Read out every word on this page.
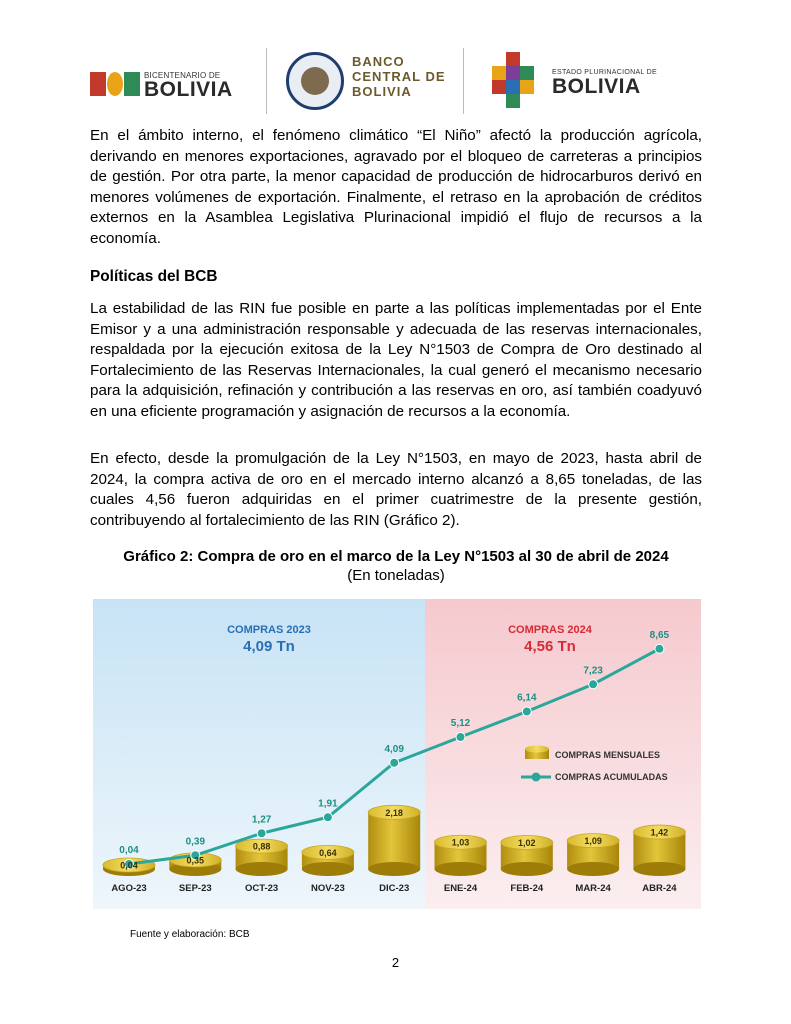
BICENTENARIO DE
BOLIVIA
BANCO
CENTRAL DE
BOLIVIA
ESTADO PLURINACIONAL DE
BOLIVIA

En el ámbito interno, el fenómeno climático “El Niño” afectó la producción agrícola, derivando en menores exportaciones, agravado por el bloqueo de carreteras a principios de gestión. Por otra parte, la menor capacidad de producción de hidrocarburos derivó en menores volúmenes de exportación. Finalmente, el retraso en la aprobación de créditos externos en la Asamblea Legislativa Plurinacional impidió el flujo de recursos a la economía.

Políticas del BCB

La estabilidad de las RIN fue posible en parte a las políticas implementadas por el Ente Emisor y a una administración responsable y adecuada de las reservas internacionales, respaldada por la ejecución exitosa de la Ley N°1503 de Compra de Oro destinado al Fortalecimiento de las Reservas Internacionales, la cual generó el mecanismo necesario para la adquisición, refinación y contribución a las reservas en oro, así también coadyuvó en una eficiente programación y asignación de recursos a la economía.

En efecto, desde la promulgación de la Ley N°1503, en mayo de 2023, hasta abril de 2024, la compra activa de oro en el mercado interno alcanzó a 8,65 toneladas, de las cuales 4,56 fueron adquiridas en el primer cuatrimestre de la presente gestión, contribuyendo al fortalecimiento de las RIN (Gráfico 2).

Gráfico 2: Compra de oro en el marco de la Ley N°1503 al 30 de abril de 2024

(En toneladas)

0,04
AGO-23
0,35
SEP-23
0,88
OCT-23
0,64
NOV-23
2,18
DIC-23
1,03
ENE-24
1,02
FEB-24
1,09
MAR-24
1,42
ABR-24
0,04
0,39
1,27
1,91
4,09
5,12
6,14
7,23
8,65
COMPRAS MENSUALES
COMPRAS ACUMULADAS
COMPRAS 2023
4,09 Tn
COMPRAS 2024
4,56 Tn

Fuente y elaboración: BCB

2
